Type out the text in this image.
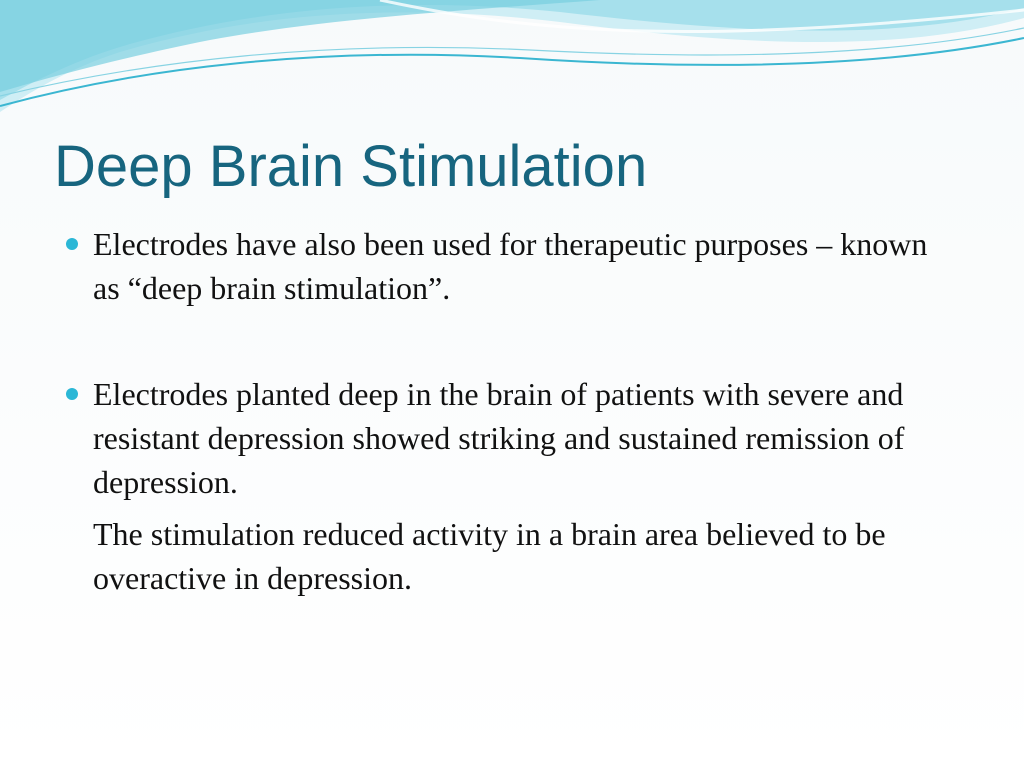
Deep Brain Stimulation
Electrodes have also been used for therapeutic purposes – known as “deep brain stimulation”.
Electrodes planted deep in the brain of patients with severe and resistant depression showed striking and sustained remission of depression.
The stimulation reduced activity in a brain area believed to be overactive in depression.
